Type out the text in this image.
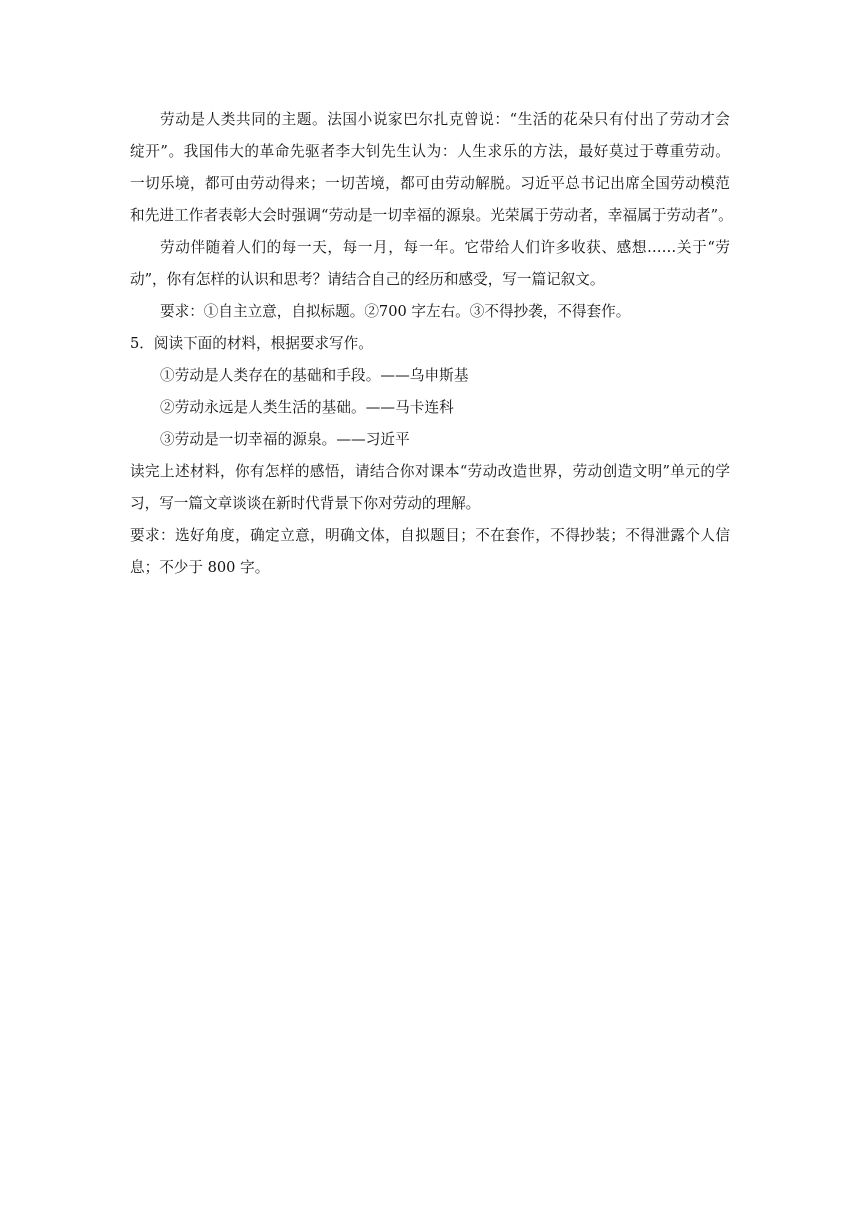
劳动是人类共同的主题。法国小说家巴尔扎克曾说：“生活的花朵只有付出了劳动才会
绽开”。我国伟大的革命先驱者李大钊先生认为：人生求乐的方法，最好莫过于尊重劳动。
一切乐境，都可由劳动得来；一切苦境，都可由劳动解脱。习近平总书记出席全国劳动模范
和先进工作者表彰大会时强调“劳动是一切幸福的源泉。光荣属于劳动者，幸福属于劳动者”。
劳动伴随着人们的每一天，每一月，每一年。它带给人们许多收获、感想……关于“劳
动”，你有怎样的认识和思考？请结合自己的经历和感受，写一篇记叙文。
要求：①自主立意，自拟标题。②700 字左右。③不得抄袭，不得套作。
5．阅读下面的材料，根据要求写作。
①劳动是人类存在的基础和手段。——乌申斯基
②劳动永远是人类生活的基础。——马卡连科
③劳动是一切幸福的源泉。——习近平
读完上述材料，你有怎样的感悟，请结合你对课本“劳动改造世界，劳动创造文明”单元的学
习，写一篇文章谈谈在新时代背景下你对劳动的理解。
要求：选好角度，确定立意，明确文体，自拟题目；不在套作，不得抄装；不得泄露个人信
息；不少于 800 字。
